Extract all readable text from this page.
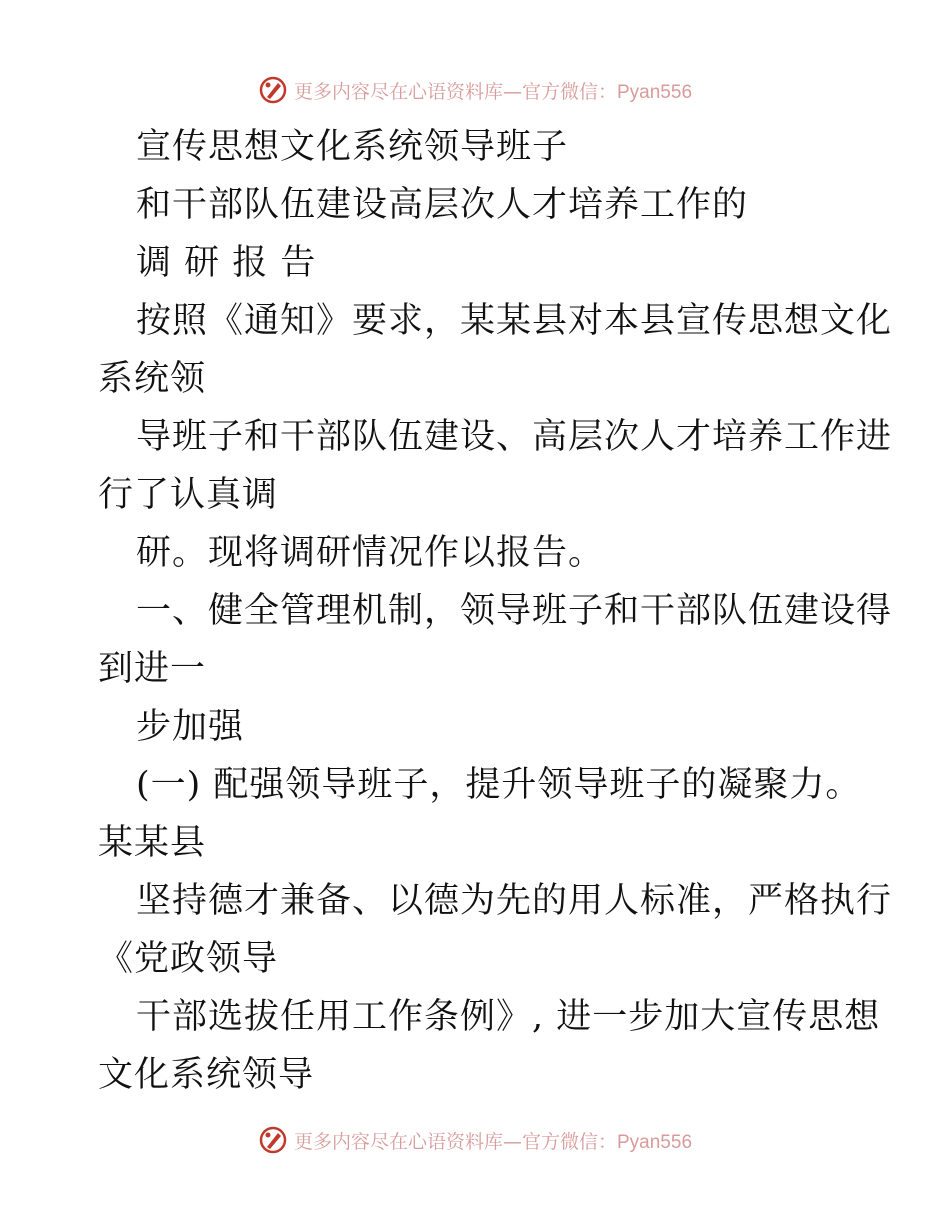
更多内容尽在心语资料库—官方微信：Pyan556
宣传思想文化系统领导班子
和干部队伍建设高层次人才培养工作的
调 研 报 告
按照《通知》要求，某某县对本县宣传思想文化
系统领
导班子和干部队伍建设、高层次人才培养工作进
行了认真调
研。现将调研情况作以报告。
一、健全管理机制，领导班子和干部队伍建设得
到进一
步加强
(一) 配强领导班子，提升领导班子的凝聚力。
某某县
坚持德才兼备、以德为先的用人标准，严格执行
《党政领导
干部选拔任用工作条例》, 进一步加大宣传思想
文化系统领导
更多内容尽在心语资料库—官方微信：Pyan556
